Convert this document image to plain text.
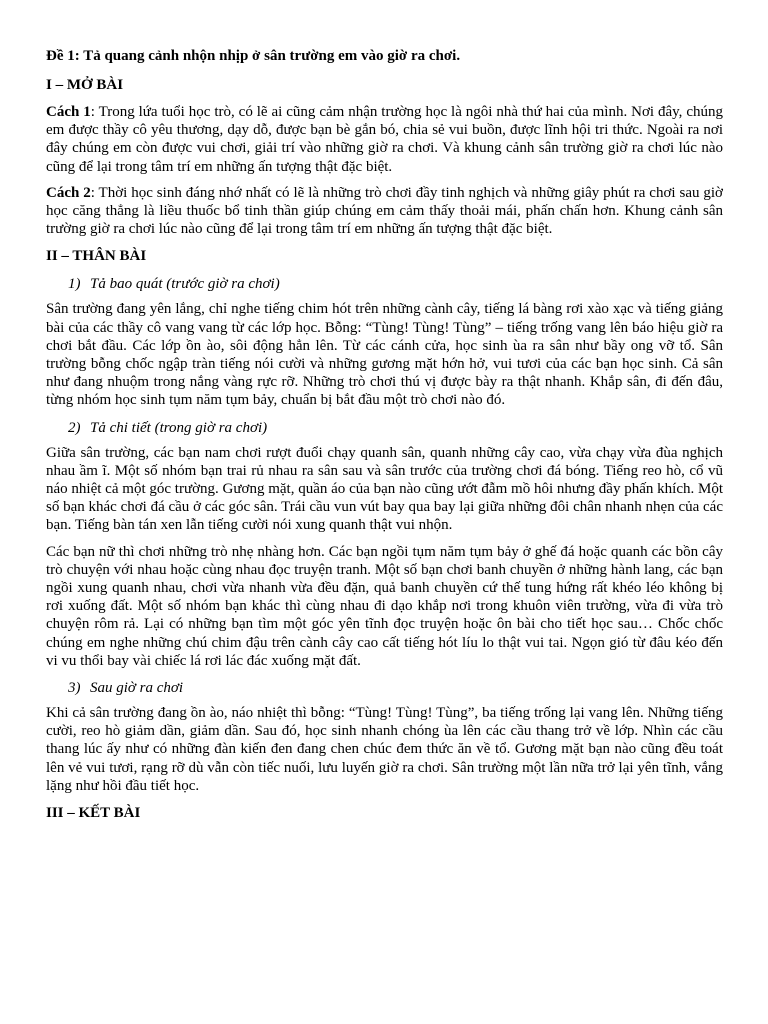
Đề 1: Tả quang cảnh nhộn nhịp ở sân trường em vào giờ ra chơi.
I – MỞ BÀI

Cách 1: Trong lứa tuổi học trò, có lẽ ai cũng cảm nhận trường học là ngôi nhà thứ hai của mình. Nơi đây, chúng em được thầy cô yêu thương, dạy dỗ, được bạn bè gắn bó, chia sẻ vui buồn, được lĩnh hội tri thức. Ngoài ra nơi đây chúng em còn được vui chơi, giải trí vào những giờ ra chơi. Và khung cảnh sân trường giờ ra chơi lúc nào cũng để lại trong tâm trí em những ấn tượng thật đặc biệt.

Cách 2: Thời học sinh đáng nhớ nhất có lẽ là những trò chơi đầy tinh nghịch và những giây phút ra chơi sau giờ học căng thẳng là liều thuốc bổ tinh thần giúp chúng em cảm thấy thoải mái, phấn chấn hơn. Khung cảnh sân trường giờ ra chơi lúc nào cũng để lại trong tâm trí em những ấn tượng thật đặc biệt.

II – THÂN BÀI
1) Tả bao quát (trước giờ ra chơi)

Sân trường đang yên lắng, chỉ nghe tiếng chim hót trên những cành cây, tiếng lá bàng rơi xào xạc và tiếng giảng bài của các thầy cô vang vang từ các lớp học. Bỗng: “Tùng! Tùng! Tùng” – tiếng trống vang lên báo hiệu giờ ra chơi bắt đầu. Các lớp ồn ào, sôi động hẳn lên. Từ các cánh cửa, học sinh ùa ra sân như bầy ong vỡ tổ. Sân trường bỗng chốc ngập tràn tiếng nói cười và những gương mặt hớn hở, vui tươi của các bạn học sinh. Cả sân như đang nhuộm trong nắng vàng rực rỡ. Những trò chơi thú vị được bày ra thật nhanh. Khắp sân, đi đến đâu, từng nhóm học sinh tụm năm tụm bảy, chuẩn bị bắt đầu một trò chơi nào đó.

2) Tả chi tiết (trong giờ ra chơi)

Giữa sân trường, các bạn nam chơi rượt đuổi chạy quanh sân, quanh những cây cao, vừa chạy vừa đùa nghịch nhau ầm ĩ. Một số nhóm bạn trai rủ nhau ra sân sau và sân trước của trường chơi đá bóng. Tiếng reo hò, cổ vũ náo nhiệt cả một góc trường. Gương mặt, quần áo của bạn nào cũng ướt đẫm mồ hôi nhưng đầy phấn khích. Một số bạn khác chơi đá cầu ở các góc sân. Trái cầu vun vút bay qua bay lại giữa những đôi chân nhanh nhẹn của các bạn. Tiếng bàn tán xen lẫn tiếng cười nói xung quanh thật vui nhộn.

Các bạn nữ thì chơi những trò nhẹ nhàng hơn. Các bạn ngồi tụm năm tụm bảy ở ghế đá hoặc quanh các bồn cây trò chuyện với nhau hoặc cùng nhau đọc truyện tranh. Một số bạn chơi banh chuyền ở những hành lang, các bạn ngồi xung quanh nhau, chơi vừa nhanh vừa đều đặn, quả banh chuyền cứ thế tung hứng rất khéo léo không bị rơi xuống đất. Một số nhóm bạn khác thì cùng nhau đi dạo khắp nơi trong khuôn viên trường, vừa đi vừa trò chuyện rôm rả. Lại có những bạn tìm một góc yên tĩnh đọc truyện hoặc ôn bài cho tiết học sau… Chốc chốc chúng em nghe những chú chim đậu trên cành cây cao cất tiếng hót líu lo thật vui tai. Ngọn gió từ đâu kéo đến vi vu thổi bay vài chiếc lá rơi lác đác xuống mặt đất.

3) Sau giờ ra chơi

Khi cả sân trường đang ồn ào, náo nhiệt thì bỗng: “Tùng! Tùng! Tùng”, ba tiếng trống lại vang lên. Những tiếng cười, reo hò giảm dần, giảm dần. Sau đó, học sinh nhanh chóng ùa lên các cầu thang trở về lớp. Nhìn các cầu thang lúc ấy như có những đàn kiến đen đang chen chúc đem thức ăn về tổ. Gương mặt bạn nào cũng đều toát lên vẻ vui tươi, rạng rỡ dù vẫn còn tiếc nuối, lưu luyến giờ ra chơi. Sân trường một lần nữa trở lại yên tĩnh, vắng lặng như hồi đầu tiết học.

III – KẾT BÀI
